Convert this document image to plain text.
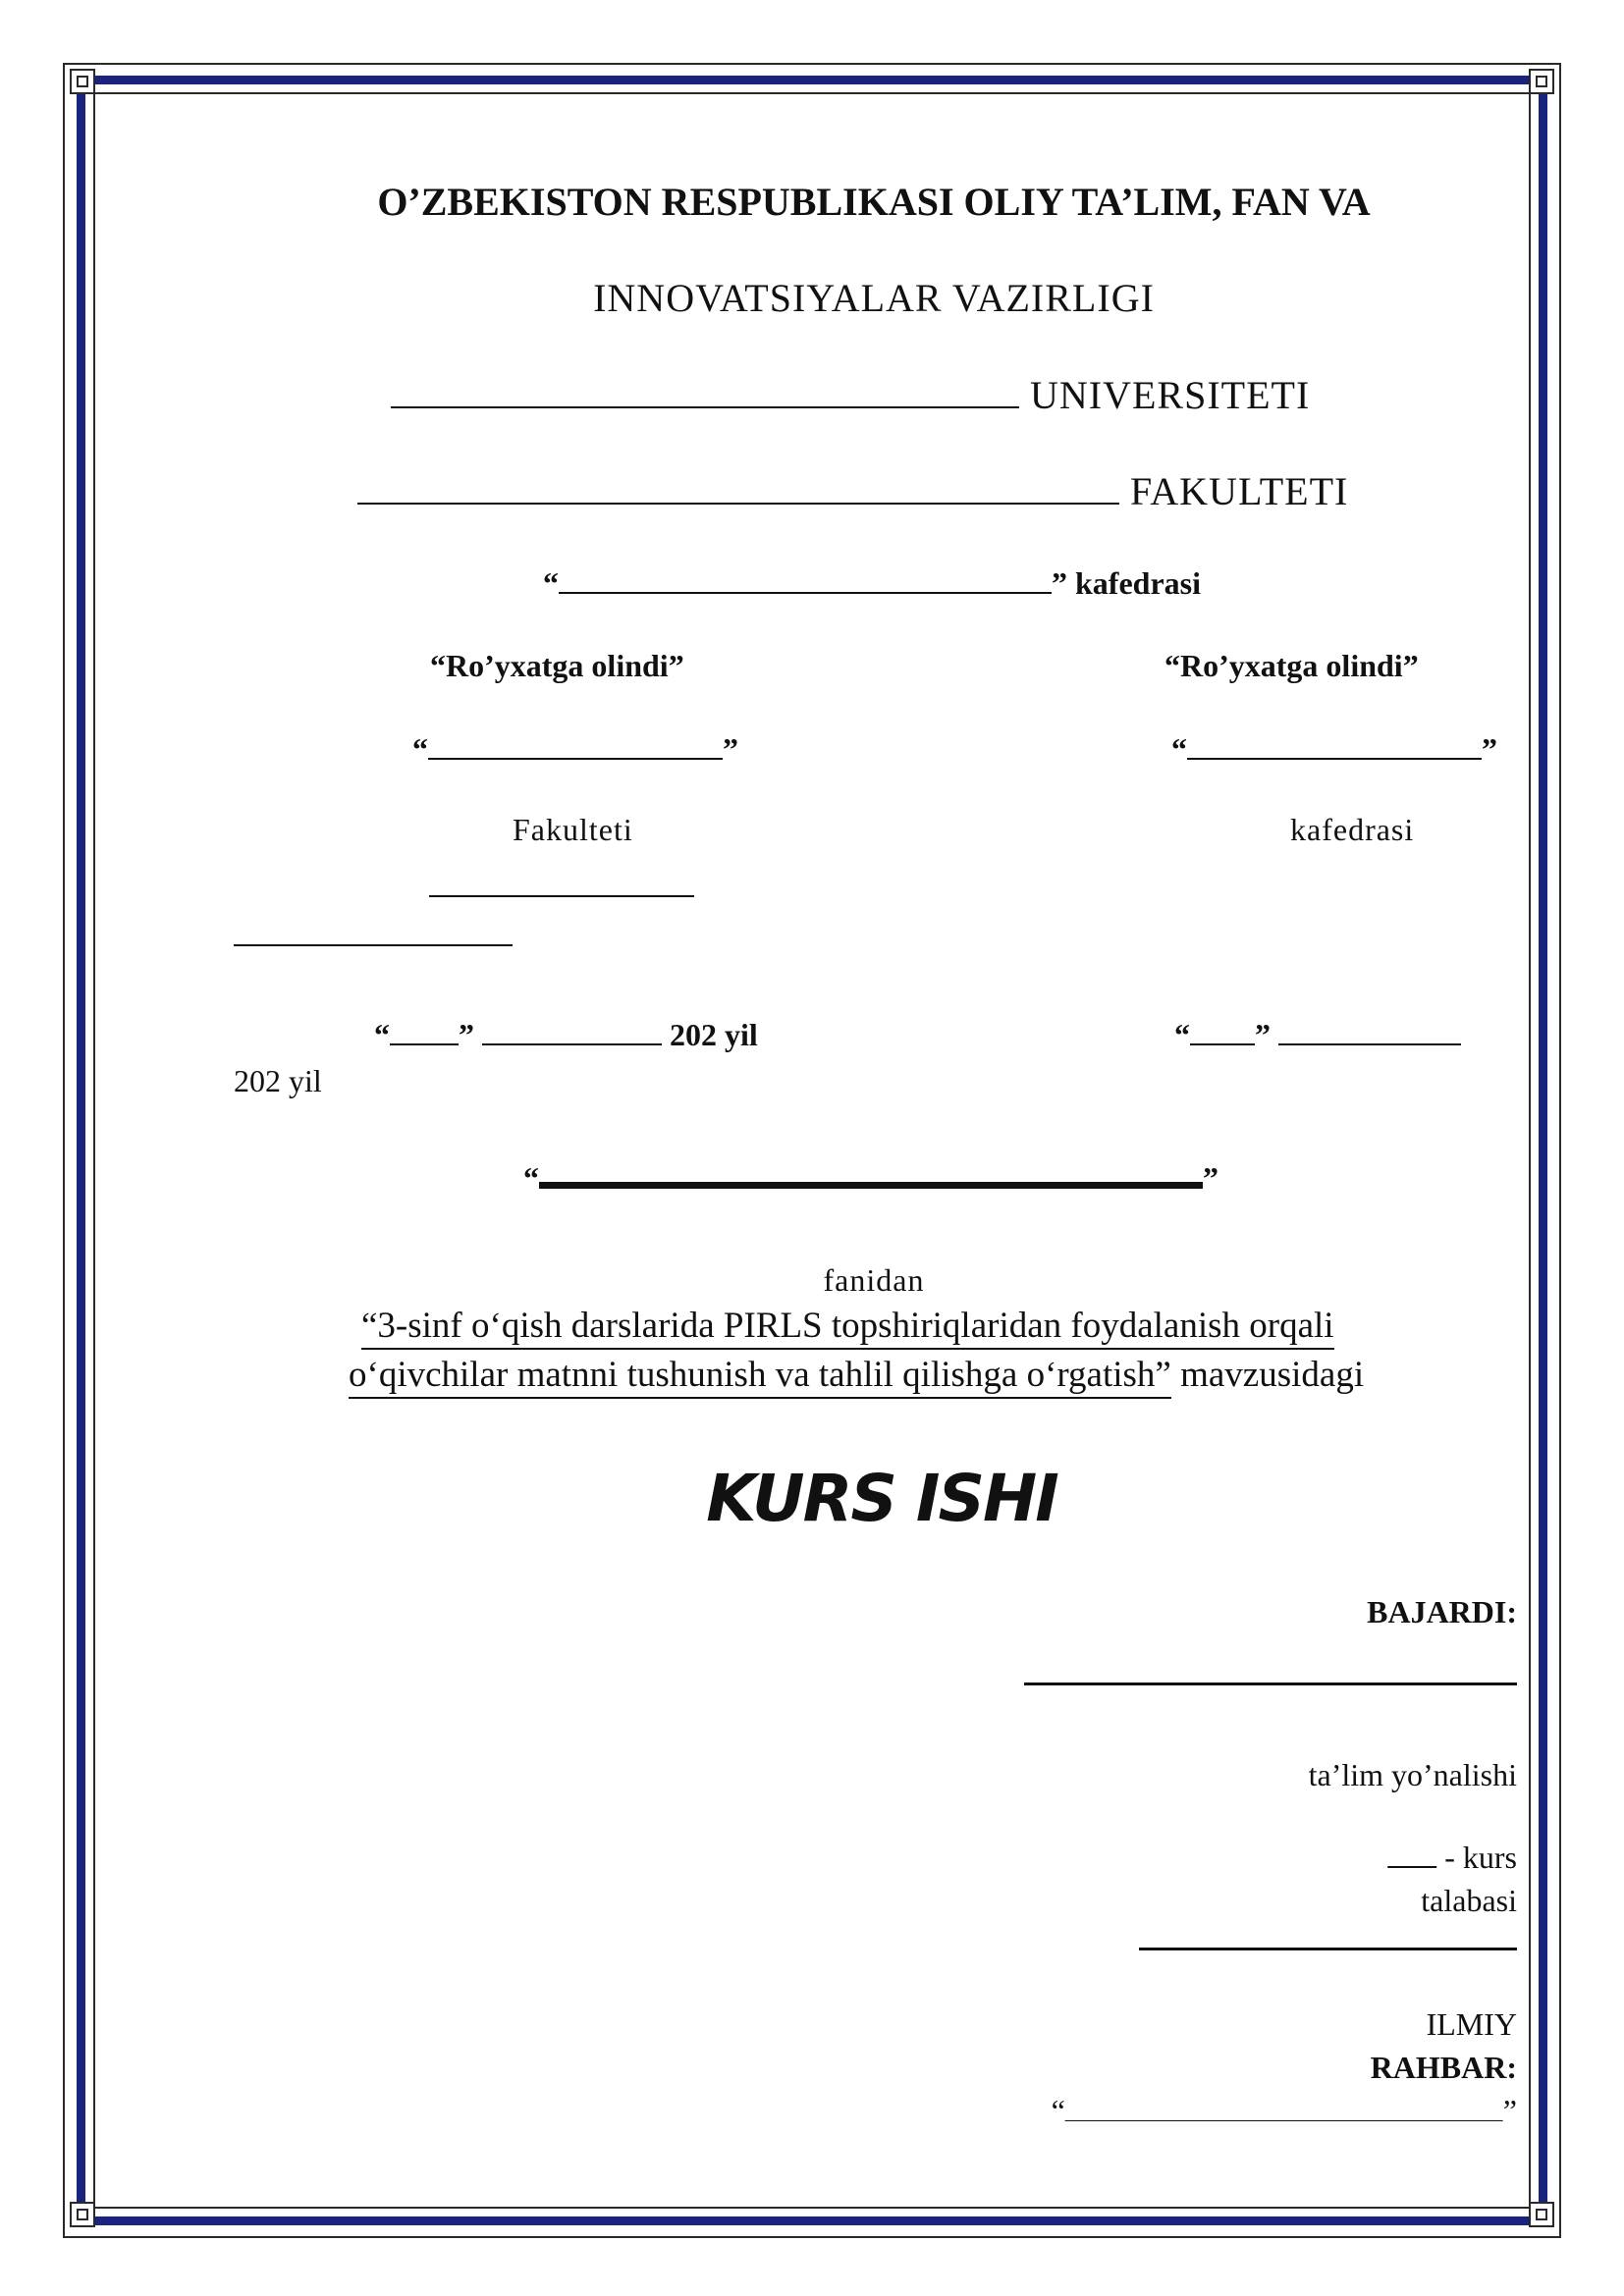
O’ZBEKISTON RESPUBLIKASI OLIY TA’LIM, FAN VA
INNOVATSIYALAR VAZIRLIGI
UNIVERSITETI
FAKULTETI
“	” kafedrasi
“Ro’yxatga olindi”	“Ro’yxatga olindi”
“	”	“	”
Fakulteti	kafedrasi
“ ”	202 yil	“ ”
202 yil
“	”
fanidan
“3-sinf o‘qish darslarida PIRLS topshiriqlaridan foydalanish orqali
o‘qivchilar matnni tushunish va tahlil qilishga o‘rgatish” mavzusidagi
KURS ISHI
BAJARDI:
ta’lim yo’nalishi
- kurs
talabasi
ILMIY
RAHBAR:
“	”
